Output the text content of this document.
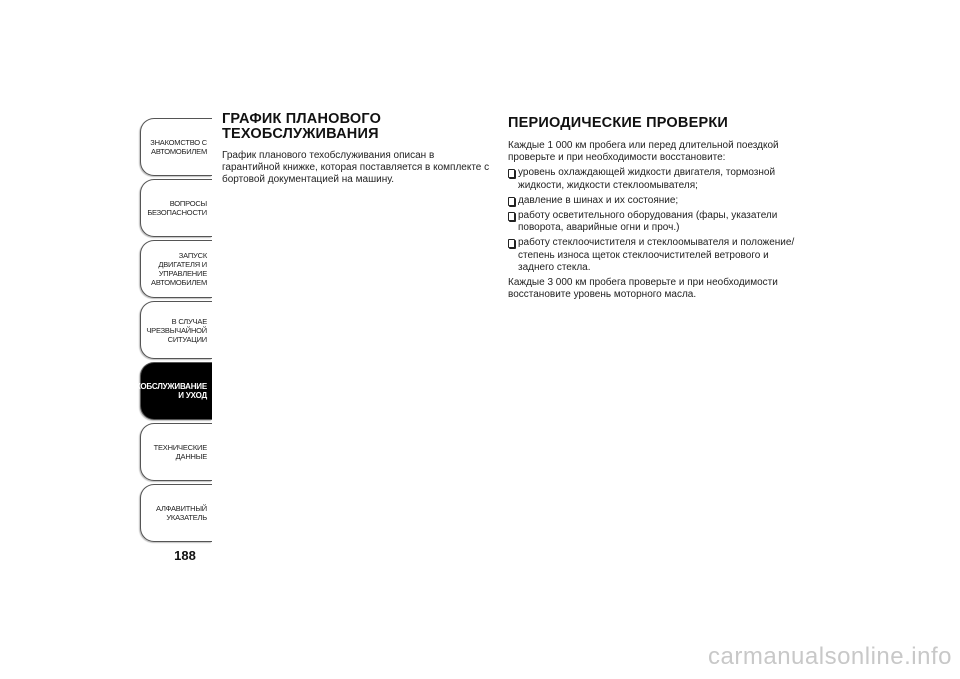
ЗНАКОМСТВО С
АВТОМОБИЛЕМ
ВОПРОСЫ
БЕЗОПАСНОСТИ
ЗАПУСК ДВИГАТЕЛЯ И
УПРАВЛЕНИЕ
АВТОМОБИЛЕМ
В СЛУЧАЕ
ЧРЕЗВЫЧАЙНОЙ
СИТУАЦИИ
ТЕХОБСЛУЖИВАНИЕ
И УХОД
ТЕХНИЧЕСКИЕ
ДАННЫЕ
АЛФАВИТНЫЙ
УКАЗАТЕЛЬ
188
ГРАФИК ПЛАНОВОГО
ТЕХОБСЛУЖИВАНИЯ

График планового техобслуживания описан в гарантийной книжке, которая поставляется в комплекте с бортовой документацией на машину.

ПЕРИОДИЧЕСКИЕ ПРОВЕРКИ

Каждые 1 000 км пробега или перед длительной поездкой проверьте и при необходимости восстановите:

уровень охлаждающей жидкости двигателя, тормозной жидкости, жидкости стеклоомывателя;
давление в шинах и их состояние;
работу осветительного оборудования (фары, указатели поворота, аварийные огни и проч.)
работу стеклоочистителя и стеклоомывателя и положение/ степень износа щеток стеклоочистителей ветрового и заднего стекла.

Каждые 3 000 км пробега проверьте и при необходимости восстановите уровень моторного масла.

carmanualsonline.info
